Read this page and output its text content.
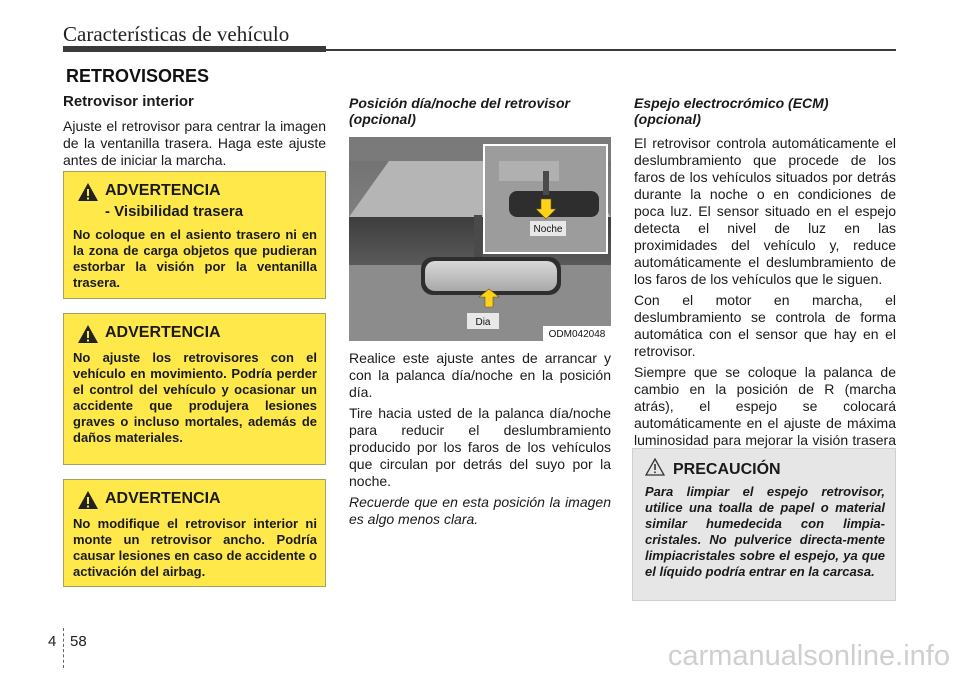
Características de vehículo
RETROVISORES
Retrovisor interior

Ajuste el retrovisor para centrar la imagen de la ventanilla trasera. Haga este ajuste antes de iniciar la marcha.

ADVERTENCIA
- Visibilidad trasera
No coloque en el asiento trasero ni en la zona de carga objetos que pudieran estorbar la visión por la ventanilla trasera.
ADVERTENCIA
No ajuste los retrovisores con el vehículo en movimiento. Podría perder el control del vehículo y ocasionar un accidente que produjera lesiones graves o incluso mortales, además de daños materiales.
ADVERTENCIA
No modifique el retrovisor interior ni monte un retrovisor ancho. Podría causar lesiones en caso de accidente o activación del airbag.
Posición día/noche del retrovisor (opcional)
Dia
Noche
ODM042048

Realice este ajuste antes de arrancar y con la palanca día/noche en la posición día.

Tire hacia usted de la palanca día/noche para reducir el deslumbramiento producido por los faros de los vehículos que circulan por detrás del suyo por la noche.

Recuerde que en esta posición la imagen es algo menos clara.

Espejo electrocrómico (ECM) (opcional)

El retrovisor controla automáticamente el deslumbramiento que procede de los faros de los vehículos situados por detrás durante la noche o en condiciones de poca luz. El sensor situado en el espejo detecta el nivel de luz en las proximidades del vehículo y, reduce automáticamente el deslumbramiento de los faros de los vehículos que le siguen.

Con el motor en marcha, el deslumbramiento se controla de forma automática con el sensor que hay en el retrovisor.

Siempre que se coloque la palanca de cambio en la posición de R (marcha atrás), el espejo se colocará automáticamente en el ajuste de máxima luminosidad para mejorar la visión trasera

PRECAUCIÓN
Para limpiar el espejo retrovisor, utilice una toalla de papel o material similar humedecida con limpia-cristales. No pulverice directa-mente limpiacristales sobre el espejo, ya que el líquido podría entrar en la carcasa.
4 58	carmanualsonline.info
